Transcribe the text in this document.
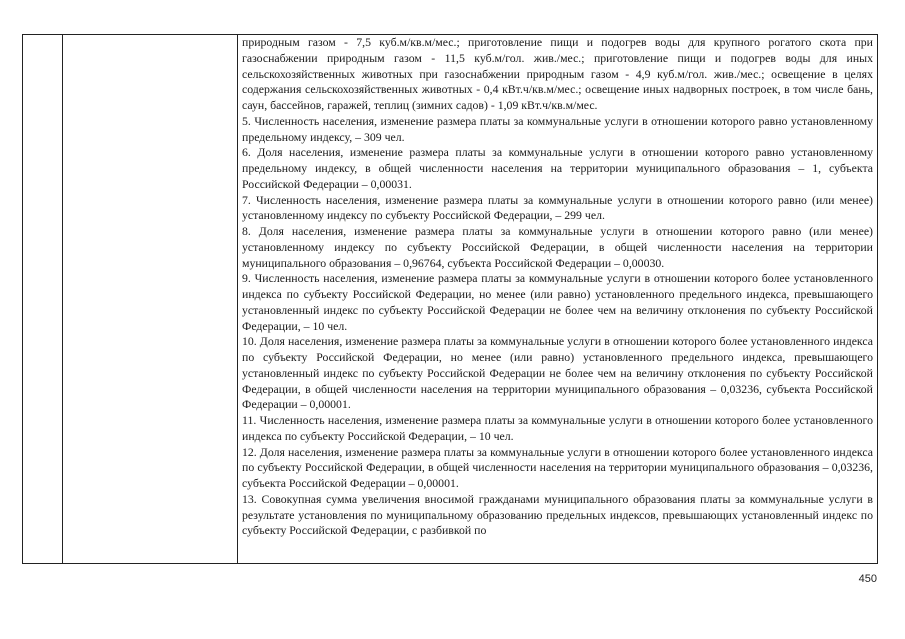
природным газом - 7,5 куб.м/кв.м/мес.; приготовление пищи и подогрев воды для крупного рогатого скота при газоснабжении природным газом - 11,5 куб.м/гол. жив./мес.; приготовление пищи и подогрев воды для иных сельскохозяйственных животных при газоснабжении природным газом - 4,9 куб.м/гол. жив./мес.; освещение в целях содержания сельскохозяйственных животных - 0,4 кВт.ч/кв.м/мес.; освещение иных надворных построек, в том числе бань, саун, бассейнов, гаражей, теплиц (зимних садов) - 1,09 кВт.ч/кв.м/мес.

5. Численность населения, изменение размера платы за коммунальные услуги в отношении которого равно установленному предельному индексу, – 309 чел.

6. Доля населения, изменение размера платы за коммунальные услуги в отношении которого равно установленному предельному индексу, в общей численности населения на территории муниципального образования – 1, субъекта Российской Федерации – 0,00031.

7. Численность населения, изменение размера платы за коммунальные услуги в отношении которого равно (или менее) установленному индексу по субъекту Российской Федерации, – 299 чел.

8. Доля населения, изменение размера платы за коммунальные услуги в отношении которого равно (или менее) установленному индексу по субъекту Российской Федерации, в общей численности населения на территории муниципального образования – 0,96764, субъекта Российской Федерации – 0,00030.

9. Численность населения, изменение размера платы за коммунальные услуги в отношении которого более установленного индекса по субъекту Российской Федерации, но менее (или равно) установленного предельного индекса, превышающего установленный индекс по субъекту Российской Федерации не более чем на величину отклонения по субъекту Российской Федерации, – 10 чел.

10. Доля населения, изменение размера платы за коммунальные услуги в отношении которого более установленного индекса по субъекту Российской Федерации, но менее (или равно) установленного предельного индекса, превышающего установленный индекс по субъекту Российской Федерации не более чем на величину отклонения по субъекту Российской Федерации, в общей численности населения на территории муниципального образования – 0,03236, субъекта Российской Федерации – 0,00001.

11. Численность населения, изменение размера платы за коммунальные услуги в отношении которого более установленного индекса по субъекту Российской Федерации, – 10 чел.

12. Доля населения, изменение размера платы за коммунальные услуги в отношении которого более установленного индекса по субъекту Российской Федерации, в общей численности населения на территории муниципального образования – 0,03236, субъекта Российской Федерации – 0,00001.

13. Совокупная сумма увеличения вносимой гражданами муниципального образования платы за коммунальные услуги в результате установления по муниципальному образованию предельных индексов, превышающих установленный индекс по субъекту Российской Федерации, с разбивкой по

450
